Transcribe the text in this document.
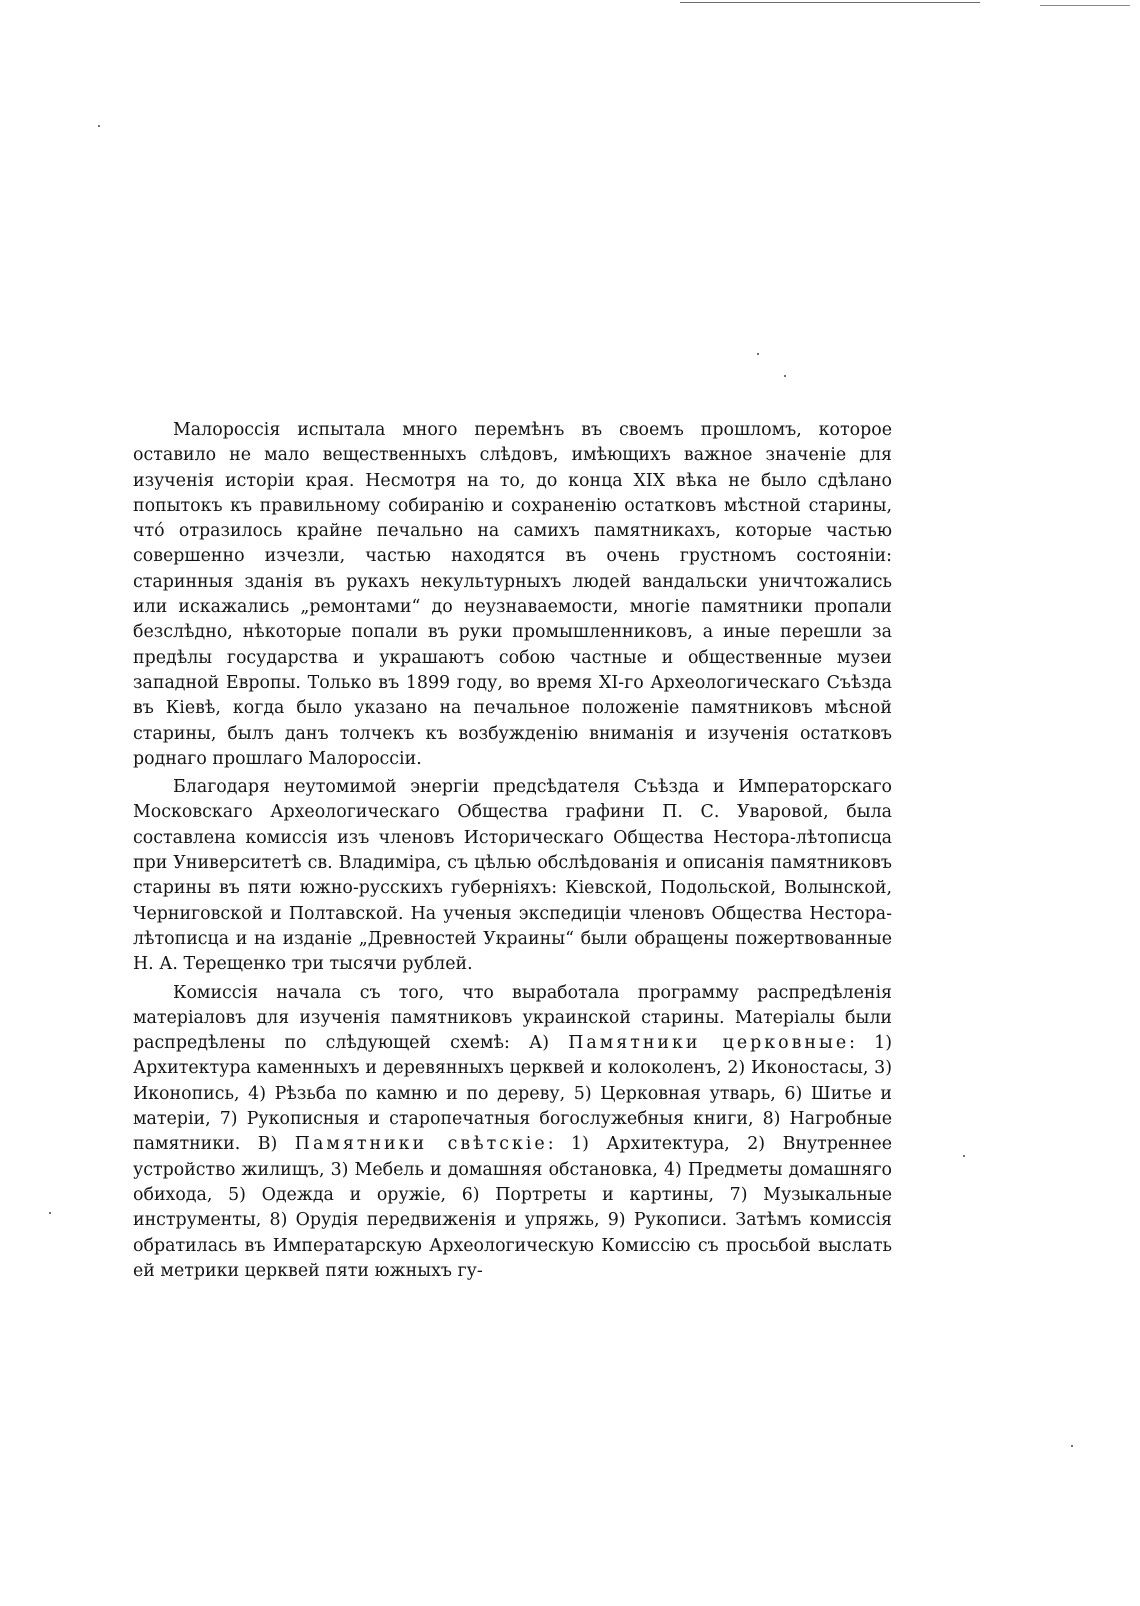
Малороссія испытала много перемѣнъ въ своемъ прошломъ, которое оставило не мало вещественныхъ слѣдовъ, имѣющихъ важное значеніе для изученія исторіи края. Несмотря на то, до конца XIX вѣка не было сдѣлано попытокъ къ правильному собиранію и сохраненію остатковъ мѣстной старины, что́ отразилось крайне печально на самихъ памятникахъ, которые частью совершенно изчезли, частью находятся въ очень грустномъ состояніи: старинныя зданія въ рукахъ некультурныхъ людей вандальски уничтожались или искажались „ремонтами“ до неузнаваемости, многіе памятники пропали безслѣдно, нѣкоторые попали въ руки промышленниковъ, а иные перешли за предѣлы государства и украшаютъ собою частные и общественные музеи западной Европы. Только въ 1899 году, во время XI-го Археологическаго Съѣзда въ Кіевѣ, когда было указано на печальное положеніе памятниковъ мѣсной старины, былъ данъ толчекъ къ возбужденію вниманія и изученія остатковъ роднаго прошлаго Малороссіи.

Благодаря неутомимой энергіи предсѣдателя Съѣзда и Императорскаго Московскаго Археологическаго Общества графини П. С. Уваровой, была составлена комиссія изъ членовъ Историческаго Общества Нестора-лѣтописца при Университетѣ св. Владиміра, съ цѣлью обслѣдованія и описанія памятниковъ старины въ пяти южно-русскихъ губерніяхъ: Кіевской, Подольской, Волынской, Черниговской и Полтавской. На ученыя экспедиціи членовъ Общества Нестора-лѣтописца и на изданіе „Древностей Украины“ были обращены пожертвованные Н. А. Терещенко три тысячи рублей.

Комиссія начала съ того, что выработала программу распредѣленія матеріаловъ для изученія памятниковъ украинской старины. Матеріалы были распредѣлены по слѣдующей схемѣ: А) Памятники церковные: 1) Архитектура каменныхъ и деревянныхъ церквей и колоколенъ, 2) Иконостасы, 3) Иконопись, 4) Рѣзьба по камню и по дереву, 5) Церковная утварь, 6) Шитье и матеріи, 7) Рукописныя и старопечатныя богослужебныя книги, 8) Нагробные памятники. В) Памятники свѣтскіе: 1) Архитектура, 2) Внутреннее устройство жилищъ, 3) Мебель и домашняя обстановка, 4) Предметы домашняго обихода, 5) Одежда и оружіе, 6) Портреты и картины, 7) Музыкальные инструменты, 8) Орудія передвиженія и упряжь, 9) Рукописи. Затѣмъ комиссія обратилась въ Императарскую Археологическую Комиссію съ просьбой выслать ей метрики церквей пяти южныхъ гу-
